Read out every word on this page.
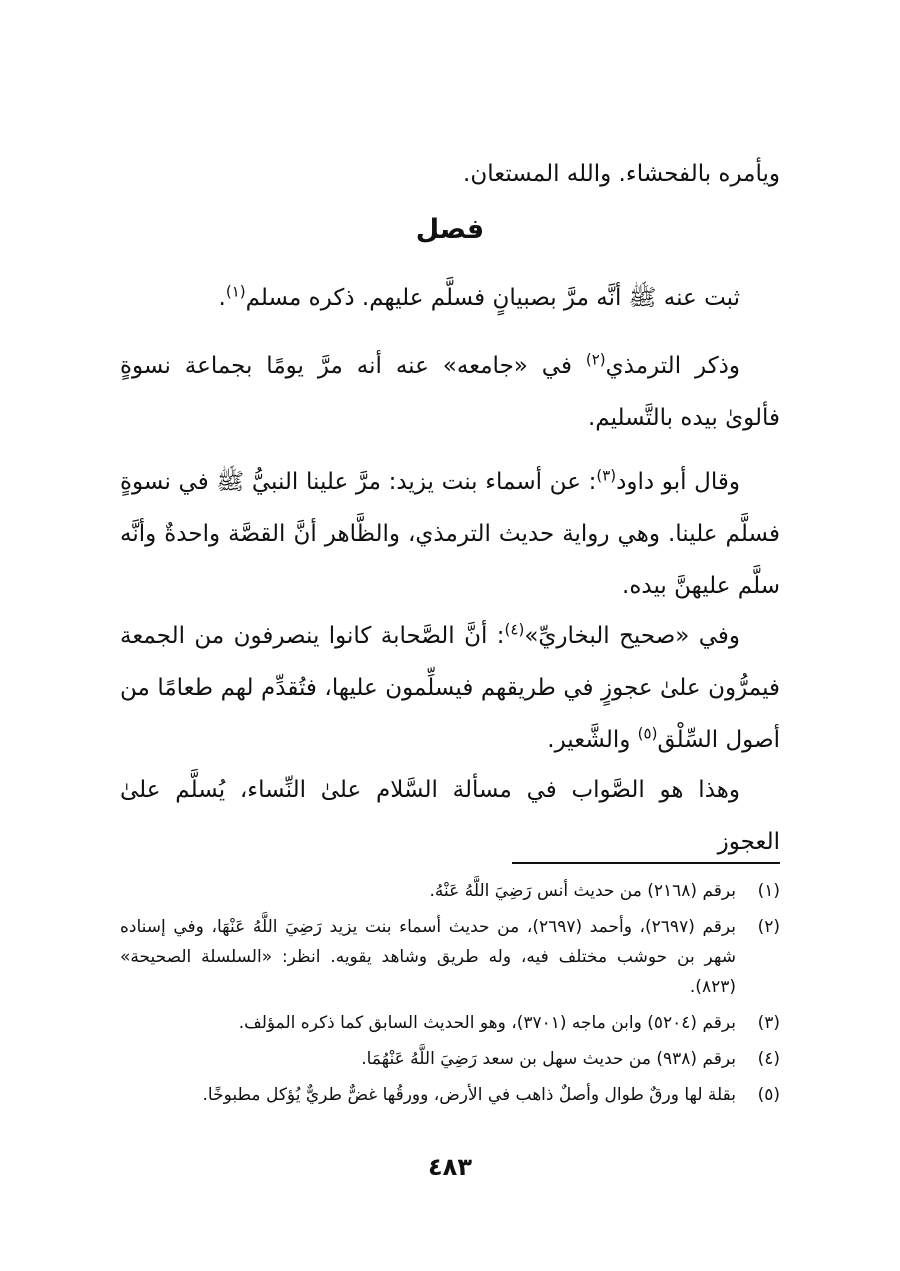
ويأمره بالفحشاء. والله المستعان.

فصل

ثبت عنه ﷺ أنَّه مرَّ بصبيانٍ فسلَّم عليهم. ذكره مسلم$^{(١)}$.

وذكر الترمذي$^{(٢)}$ في «جامعه» عنه أنه مرَّ يومًا بجماعة نسوةٍ فألوىٰ بيده بالتَّسليم.

وقال أبو داود$^{(٣)}$: عن أسماء بنت يزيد: مرَّ علينا النبيُّ ﷺ في نسوةٍ فسلَّم علينا. وهي رواية حديث الترمذي، والظَّاهر أنَّ القصَّة واحدةٌ وأنَّه سلَّم عليهنَّ بيده.

وفي «صحيح البخاريِّ»$^{(٤)}$: أنَّ الصَّحابة كانوا ينصرفون من الجمعة فيمرُّون علىٰ عجوزٍ في طريقهم فيسلِّمون عليها، فتُقدِّم لهم طعامًا من أصول السِّلْق$^{(٥)}$ والشَّعير.

وهذا هو الصَّواب في مسألة السَّلام علىٰ النِّساء، يُسلَّم علىٰ العجوز

(١)
برقم (٢١٦٨) من حديث أنس رَضِيَ اللَّهُ عَنْهُ.
(٢)
برقم (٢٦٩٧)، وأحمد (٢٦٩٧)، من حديث أسماء بنت يزيد رَضِيَ اللَّهُ عَنْهَا، وفي إسناده شهر بن حوشب مختلف فيه، وله طريق وشاهد يقويه. انظر: «السلسلة الصحيحة» (٨٢٣).
(٣)
برقم (٥٢٠٤) وابن ماجه (٣٧٠١)، وهو الحديث السابق كما ذكره المؤلف.
(٤)
برقم (٩٣٨) من حديث سهل بن سعد رَضِيَ اللَّهُ عَنْهُمَا.
(٥)
بقلة لها ورقٌ طوال وأصلٌ ذاهب في الأرض، وورقُها غضٌّ طريٌّ يُؤكل مطبوخًا.
٤٨٣
